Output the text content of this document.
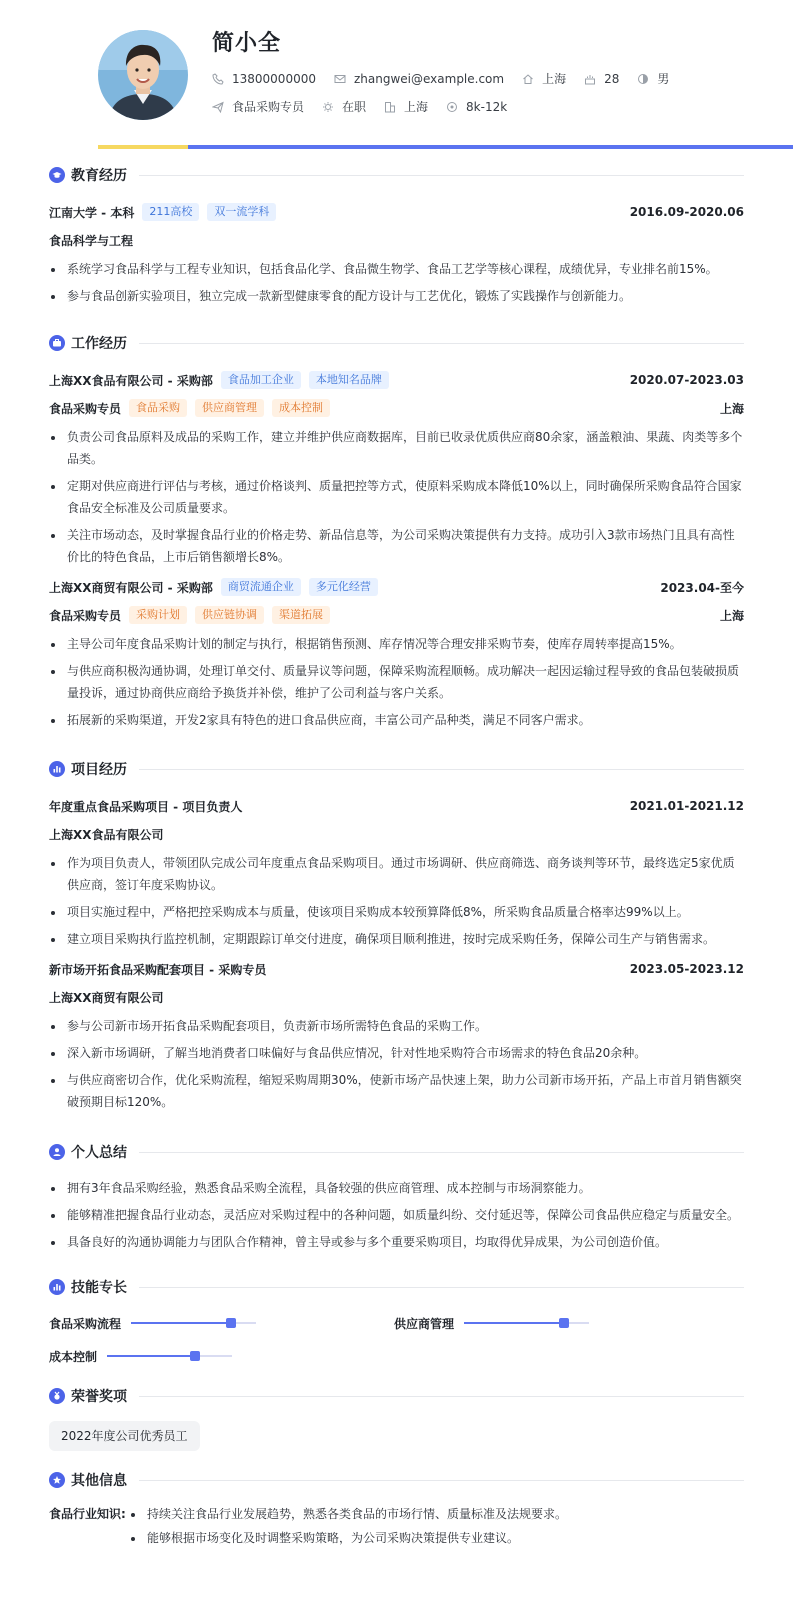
简小全
13800000000	zhangwei@example.com	上海	28	男
食品采购专员	在职	上海	8k-12k
教育经历
江南大学 - 本科	211高校	双一流学科	2016.09-2020.06
食品科学与工程
系统学习食品科学与工程专业知识，包括食品化学、食品微生物学、食品工艺学等核心课程，成绩优异，专业排名前15%。
参与食品创新实验项目，独立完成一款新型健康零食的配方设计与工艺优化，锻炼了实践操作与创新能力。
工作经历
上海XX食品有限公司 - 采购部	食品加工企业	本地知名品牌	2020.07-2023.03
食品采购专员	食品采购	供应商管理	成本控制	上海
负责公司食品原料及成品的采购工作，建立并维护供应商数据库，目前已收录优质供应商80余家，涵盖粮油、果蔬、肉类等多个品类。
定期对供应商进行评估与考核，通过价格谈判、质量把控等方式，使原料采购成本降低10%以上，同时确保所采购食品符合国家食品安全标准及公司质量要求。
关注市场动态，及时掌握食品行业的价格走势、新品信息等，为公司采购决策提供有力支持。成功引入3款市场热门且具有高性价比的特色食品，上市后销售额增长8%。
上海XX商贸有限公司 - 采购部	商贸流通企业	多元化经营	2023.04-至今
食品采购专员	采购计划	供应链协调	渠道拓展	上海
主导公司年度食品采购计划的制定与执行，根据销售预测、库存情况等合理安排采购节奏，使库存周转率提高15%。
与供应商积极沟通协调，处理订单交付、质量异议等问题，保障采购流程顺畅。成功解决一起因运输过程导致的食品包装破损质量投诉，通过协商供应商给予换货并补偿，维护了公司利益与客户关系。
拓展新的采购渠道，开发2家具有特色的进口食品供应商，丰富公司产品种类，满足不同客户需求。
项目经历
年度重点食品采购项目 - 项目负责人	2021.01-2021.12
上海XX食品有限公司
作为项目负责人，带领团队完成公司年度重点食品采购项目。通过市场调研、供应商筛选、商务谈判等环节，最终选定5家优质供应商，签订年度采购协议。
项目实施过程中，严格把控采购成本与质量，使该项目采购成本较预算降低8%，所采购食品质量合格率达99%以上。
建立项目采购执行监控机制，定期跟踪订单交付进度，确保项目顺利推进，按时完成采购任务，保障公司生产与销售需求。
新市场开拓食品采购配套项目 - 采购专员	2023.05-2023.12
上海XX商贸有限公司
参与公司新市场开拓食品采购配套项目，负责新市场所需特色食品的采购工作。
深入新市场调研，了解当地消费者口味偏好与食品供应情况，针对性地采购符合市场需求的特色食品20余种。
与供应商密切合作，优化采购流程，缩短采购周期30%，使新市场产品快速上架，助力公司新市场开拓，产品上市首月销售额突破预期目标120%。
个人总结
拥有3年食品采购经验，熟悉食品采购全流程，具备较强的供应商管理、成本控制与市场洞察能力。
能够精准把握食品行业动态，灵活应对采购过程中的各种问题，如质量纠纷、交付延迟等，保障公司食品供应稳定与质量安全。
具备良好的沟通协调能力与团队合作精神，曾主导或参与多个重要采购项目，均取得优异成果，为公司创造价值。
技能专长
食品采购流程	供应商管理
成本控制
荣誉奖项
2022年度公司优秀员工
其他信息
食品行业知识:	持续关注食品行业发展趋势，熟悉各类食品的市场行情、质量标准及法规要求。
能够根据市场变化及时调整采购策略，为公司采购决策提供专业建议。
